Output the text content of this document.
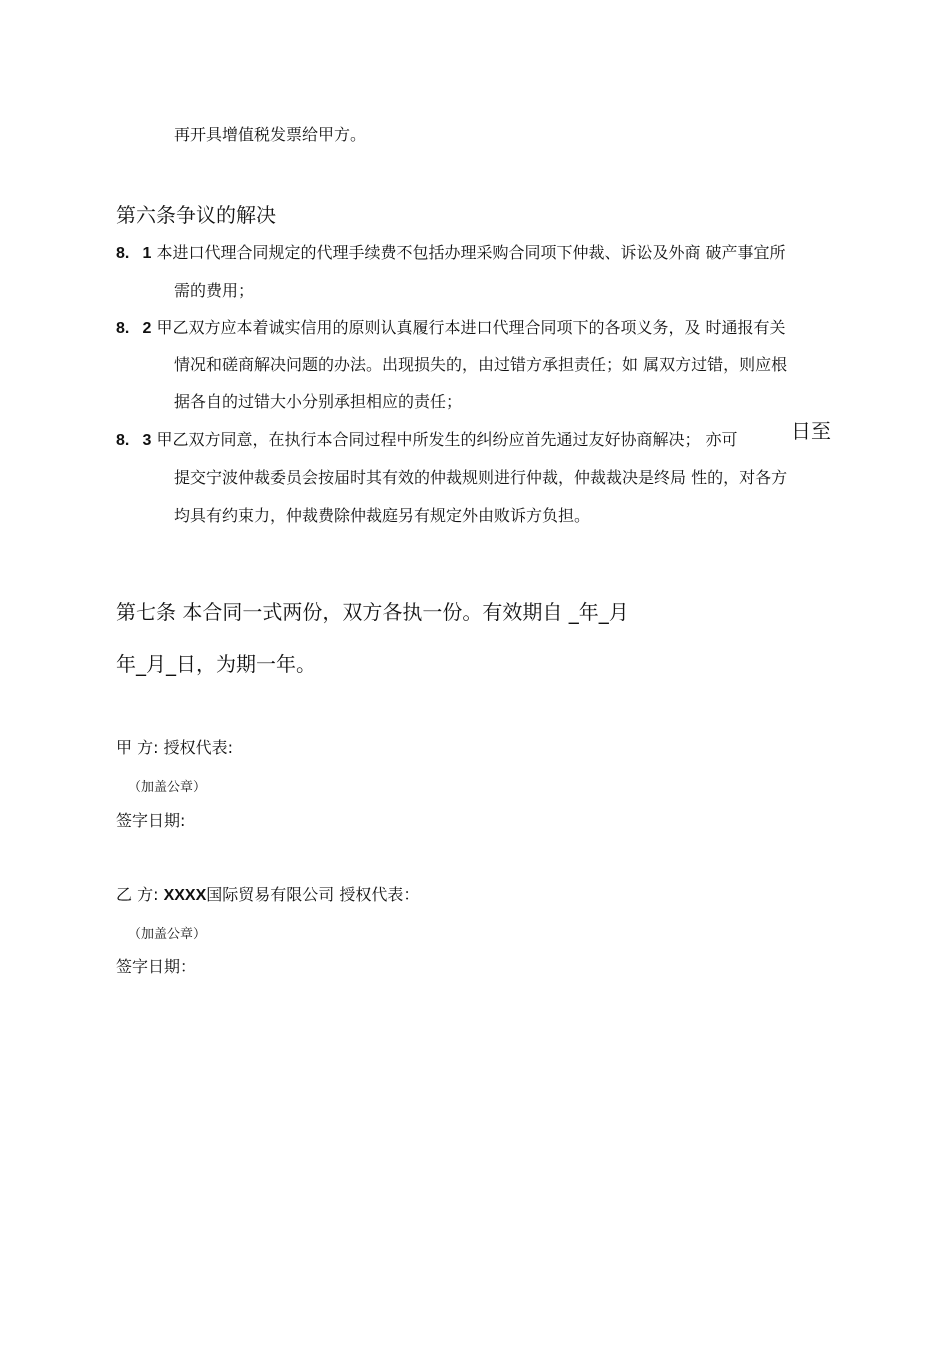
再开具增值税发票给甲方。
第六条争议的解决
8. 1 本进口代理合同规定的代理手续费不包括办理采购合同项下仲裁、诉讼及外商 破产事宜所
需的费用；
8. 2 甲乙双方应本着诚实信用的原则认真履行本进口代理合同项下的各项义务，及 时通报有关
情况和磋商解决问题的办法。出现损失的，由过错方承担责任；如 属双方过错，则应根
据各自的过错大小分别承担相应的责任；
8. 3 甲乙双方同意，在执行本合同过程中所发生的纠纷应首先通过友好协商解决； 亦可	日至
提交宁波仲裁委员会按届时其有效的仲裁规则进行仲裁，仲裁裁决是终局 性的，对各方
均具有约束力，仲裁费除仲裁庭另有规定外由败诉方负担。
第七条 本合同一式两份，双方各执一份。有效期自 _年_月
年_月_日，为期一年。
甲 方: 授权代表:
（加盖公章）
签字日期:
乙 方: XXXX国际贸易有限公司 授权代表：
（加盖公章）
签字日期：
